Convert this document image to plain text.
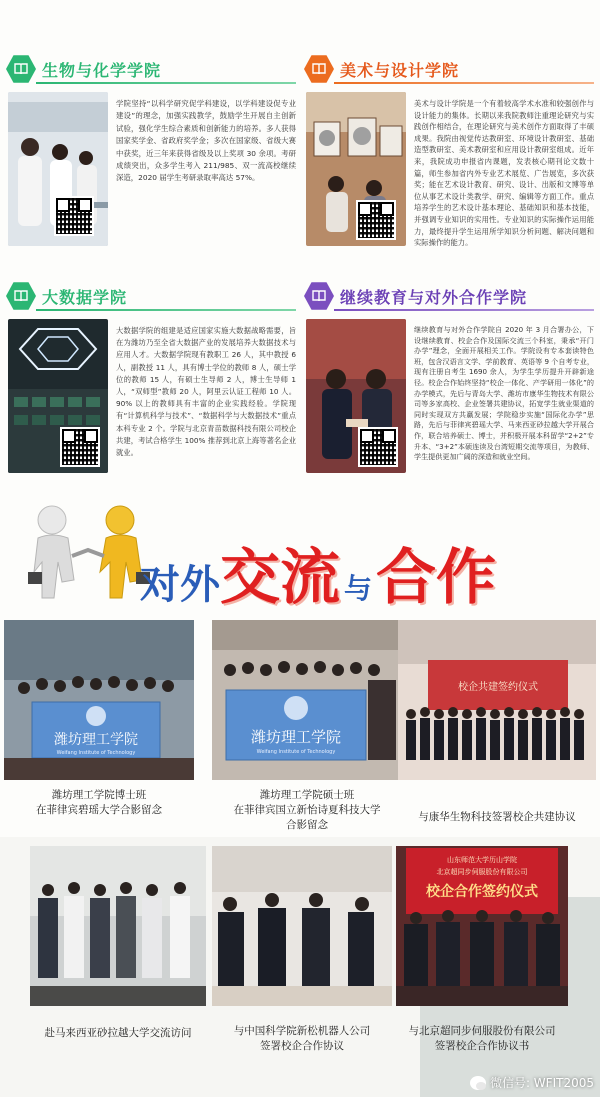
生物与化学学院
学院坚持“以科学研究促学科建设，以学科建设促专业建设”的理念，加强实践教学，鼓励学生开展自主创新试验，强化学生综合素质和创新能力的培养。多人获得国家奖学金、省政府奖学金；多次在国家级、省级大赛中获奖，近三年来获得省级及以上奖项 30 余项。考研成绩突出，众多学生考入 211/985、双一流高校继续深造，2020 届学生考研录取率高达 57%。
美术与设计学院
美术与设计学院是一个有着较高学术水准和较强创作与设计能力的集体。长期以来我院教师注重理论研究与实践创作相结合，在理论研究与美术创作方面取得了丰硕成果。我院由视觉传达教研室、环境设计教研室、基础造型教研室、美术教研室和应用设计教研室组成。近年来，我院成功申报省内课题，发表核心期刊论文数十篇，师生参加省内外专业艺术展览、广告展览，多次获奖；能在艺术设计教育、研究、设计、出版和文博等单位从事艺术设计类教学、研究、编辑等方面工作。重点培养学生的艺术设计基本理论、基础知识和基本技能，并强调专业知识的实用性。专业知识的实际操作运用能力，最终提升学生运用所学知识分析问题、解决问题和实际操作的能力。
大数据学院
大数据学院的组建是适应国家实施大数据战略需要，旨在为潍坊乃至全省大数据产业的发展培养大数据技术与应用人才。大数据学院现有教职工 26 人，其中教授 6 人，副教授 11 人，具有博士学位的教师 8 人，硕士学位的教师 15 人，有硕士生导师 2 人，博士生导师 1 人，“双师型”教师 20 人，阿里云认证工程师 10 人。90% 以上的教师具有丰富的企业实践经验。学院现有“计算机科学与技术”、“数据科学与大数据技术”重点本科专业 2 个。学院与北京青苗数据科技有限公司校企共建，考试合格学生 100% 推荐到北京上海等著名企业就业。
继续教育与对外合作学院
继续教育与对外合作学院自 2020 年 3 月合署办公，下设继续教育、校企合作及国际交流三个科室，秉承“开门办学”理念，全面开展相关工作。学院设有专本套读特色班，包含汉语言文学、学前教育、英语等 9 个自考专业，现有注册自考生 1690 余人，为学生学历提升开辟新途径。校企合作始终坚持“校企一体化、产学研用一体化”的办学模式，先后与青岛大学、潍坊市康华生物技术有限公司等多家高校、企业签署共建协议，拓宽学生就业渠道的同时实现双方共赢发展；学院稳步实施“国际化办学”思路，先后与菲律宾碧瑶大学、马来西亚砂拉越大学开展合作，联合培养硕士、博士，并积极开展本科留学“2+2”专升本、“3+2”本硕连读及台湾短期交流等项目，为教师、学生提供更加广阔的深造和就业空间。
对外 交流 与 合作
潍坊理工学院
Weifang Institute of Technology
潍坊理工学院博士班
在菲律宾碧瑶大学合影留念
潍坊理工学院
Weifang Institute of Technology
潍坊理工学院硕士班
在菲律宾国立新怡诗夏科技大学
合影留念
校企共建签约仪式
与康华生物科技签署校企共建协议
赴马来西亚砂拉越大学交流访问	与中国科学院新松机器人公司
签署校企合作协议
山东师范大学历山学院
北京超同步伺服股份有限公司
校企合作签约仪式
与北京超同步伺服股份有限公司
签署校企合作协议书
微信号: WFIT2005
